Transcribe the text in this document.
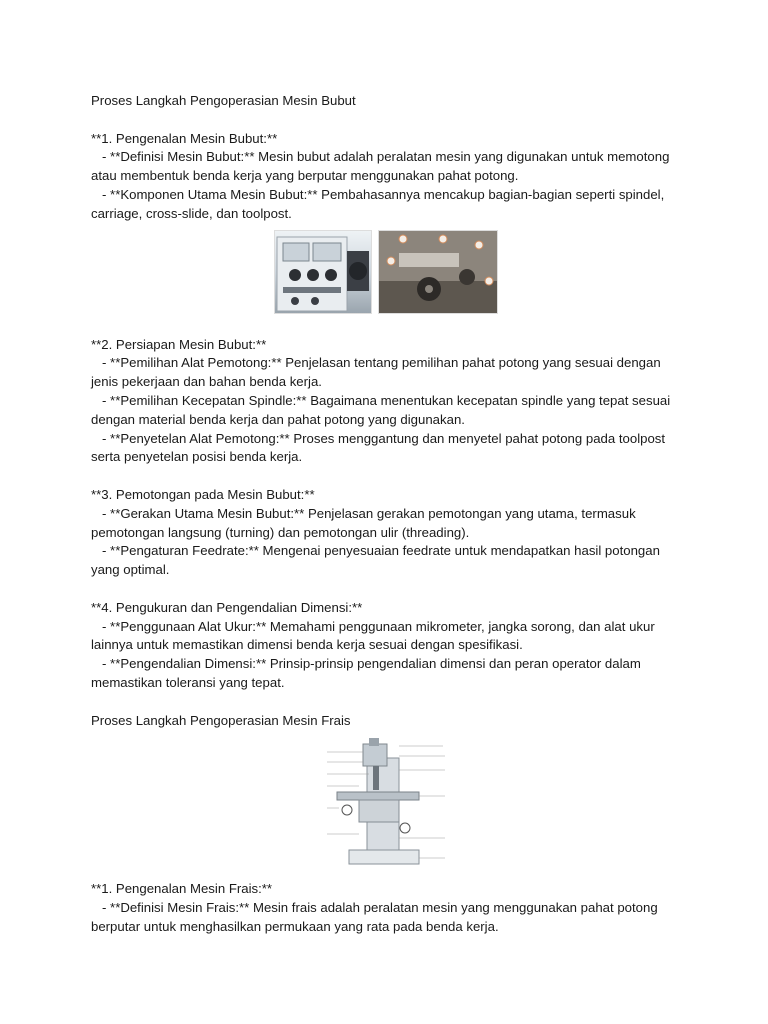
Proses Langkah Pengoperasian Mesin Bubut

**1. Pengenalan Mesin Bubut:**

- **Definisi Mesin Bubut:** Mesin bubut adalah peralatan mesin yang digunakan untuk memotong atau membentuk benda kerja yang berputar menggunakan pahat potong.

- **Komponen Utama Mesin Bubut:** Pembahasannya mencakup bagian-bagian seperti spindel, carriage, cross-slide, dan toolpost.

**2. Persiapan Mesin Bubut:**

- **Pemilihan Alat Pemotong:** Penjelasan tentang pemilihan pahat potong yang sesuai dengan jenis pekerjaan dan bahan benda kerja.

- **Pemilihan Kecepatan Spindle:** Bagaimana menentukan kecepatan spindle yang tepat sesuai dengan material benda kerja dan pahat potong yang digunakan.

- **Penyetelan Alat Pemotong:** Proses menggantung dan menyetel pahat potong pada toolpost serta penyetelan posisi benda kerja.

**3. Pemotongan pada Mesin Bubut:**

- **Gerakan Utama Mesin Bubut:** Penjelasan gerakan pemotongan yang utama, termasuk pemotongan langsung (turning) dan pemotongan ulir (threading).

- **Pengaturan Feedrate:** Mengenai penyesuaian feedrate untuk mendapatkan hasil potongan yang optimal.

**4. Pengukuran dan Pengendalian Dimensi:**

- **Penggunaan Alat Ukur:** Memahami penggunaan mikrometer, jangka sorong, dan alat ukur lainnya untuk memastikan dimensi benda kerja sesuai dengan spesifikasi.

- **Pengendalian Dimensi:** Prinsip-prinsip pengendalian dimensi dan peran operator dalam memastikan toleransi yang tepat.

Proses Langkah Pengoperasian Mesin Frais

**1. Pengenalan Mesin Frais:**

- **Definisi Mesin Frais:** Mesin frais adalah peralatan mesin yang menggunakan pahat potong berputar untuk menghasilkan permukaan yang rata pada benda kerja.
